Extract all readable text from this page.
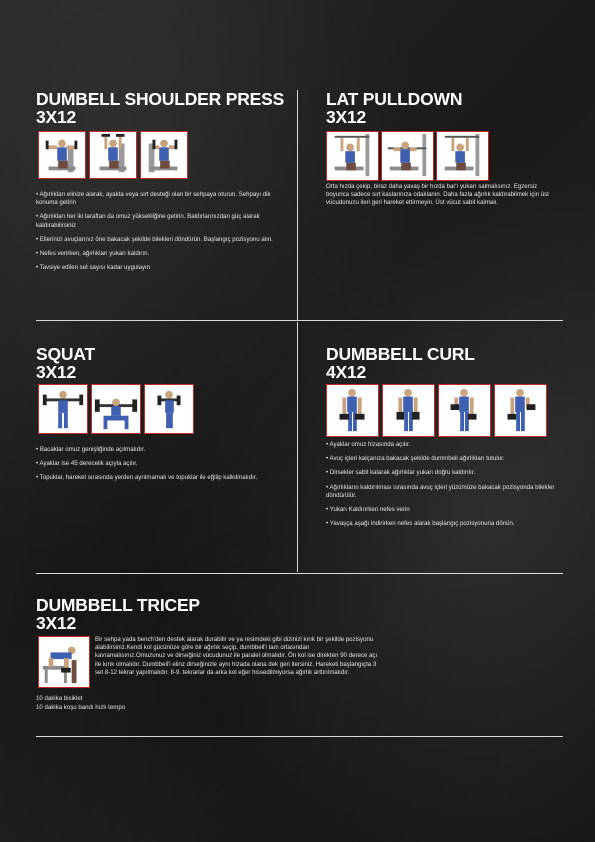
DUMBELL SHOULDER PRESS
3X12
• Ağırlıkları elinize alarak, ayakta veya sırt desteği olan bir sehpaya oturun. Sehpayı dik konuma getirin
• Ağırlıkları her iki taraftan da omuz yüksekliğine getirin. Baldırlarınızdan güç alarak kaldırabilirsiniz
• Ellerinizi avuçlarınız öne bakacak şekilde bilekleri döndürün. Başlangıç pozisyonu alın.
• Nefes verirken, ağırlıkları yukarı kaldırın.
• Tavsiye edilen set sayısı kadar uygulayın
LAT PULLDOWN
3X12

Orta hızda çekip, biraz daha yavaş bir hızda bar'ı yukarı salmalısınız. Egzersiz boyunca sadece sırt kaslarınıza odaklanın. Daha fazla ağırlık kaldırabilmek için üst vücudunuzu ileri geri hareket ettirmeyin. Üst vücut sabit kalmalı.

SQUAT
3X12
• Bacaklar omuz genişliğinde açılmalıdır.
• Ayaklar ise 45 derecelik açıyla açılır.
• Topuklar, hareket sırasında yerden ayrılmamalı ve topuklar ile eğilip kalkılmalıdır.
DUMBBELL CURL
4X12
• Ayaklar omuz hizasında açılır.
• Avuç içleri kalçanıza bakacak şekilde dummbell ağırlıkları tutulur.
• Dirsekler sabit kalarak ağırlıklar yukarı doğru kaldırılır.
• Ağırlıkların kaldırılması sırasında avuç içleri yüzümüze bakacak pozisyonda bilekler döndürülür.
• Yukarı Kaldırırken nefes verin
• Yavaşça aşağı indirirken nefes alarak başlangıç pozisyonuna dönün.
DUMBBELL TRICEP
3X12

Bir sehpa yada bench'den destek alarak durabilir ve ya resimdeki gibi dizinizi kırık bir şekilde pozisyonu alabilirsiniz.Kendi kol gücünüze göre bir ağırlık seçip, dumbbell'i tam ortasından kavramalısınız.Omuzunuz ve dirseğiniz vücudunuz ile paralel olmalıdır. Ön kol ise direkten 90 derece açı ile kırık olmalıdır. Dumbbell'i elinz dirseğinizle aynı hizada olana dek geri itersiniz. Hareketi başlangıçta 3 set 8-12 tekrar yapılmalıdır. 8-9. tekrarlar da arka kol eğer hissedilmiyorsa ağırlık arttırılmalıdır.

10 dakika bisiklet
10 dakika koşu bandı hızlı tempo
